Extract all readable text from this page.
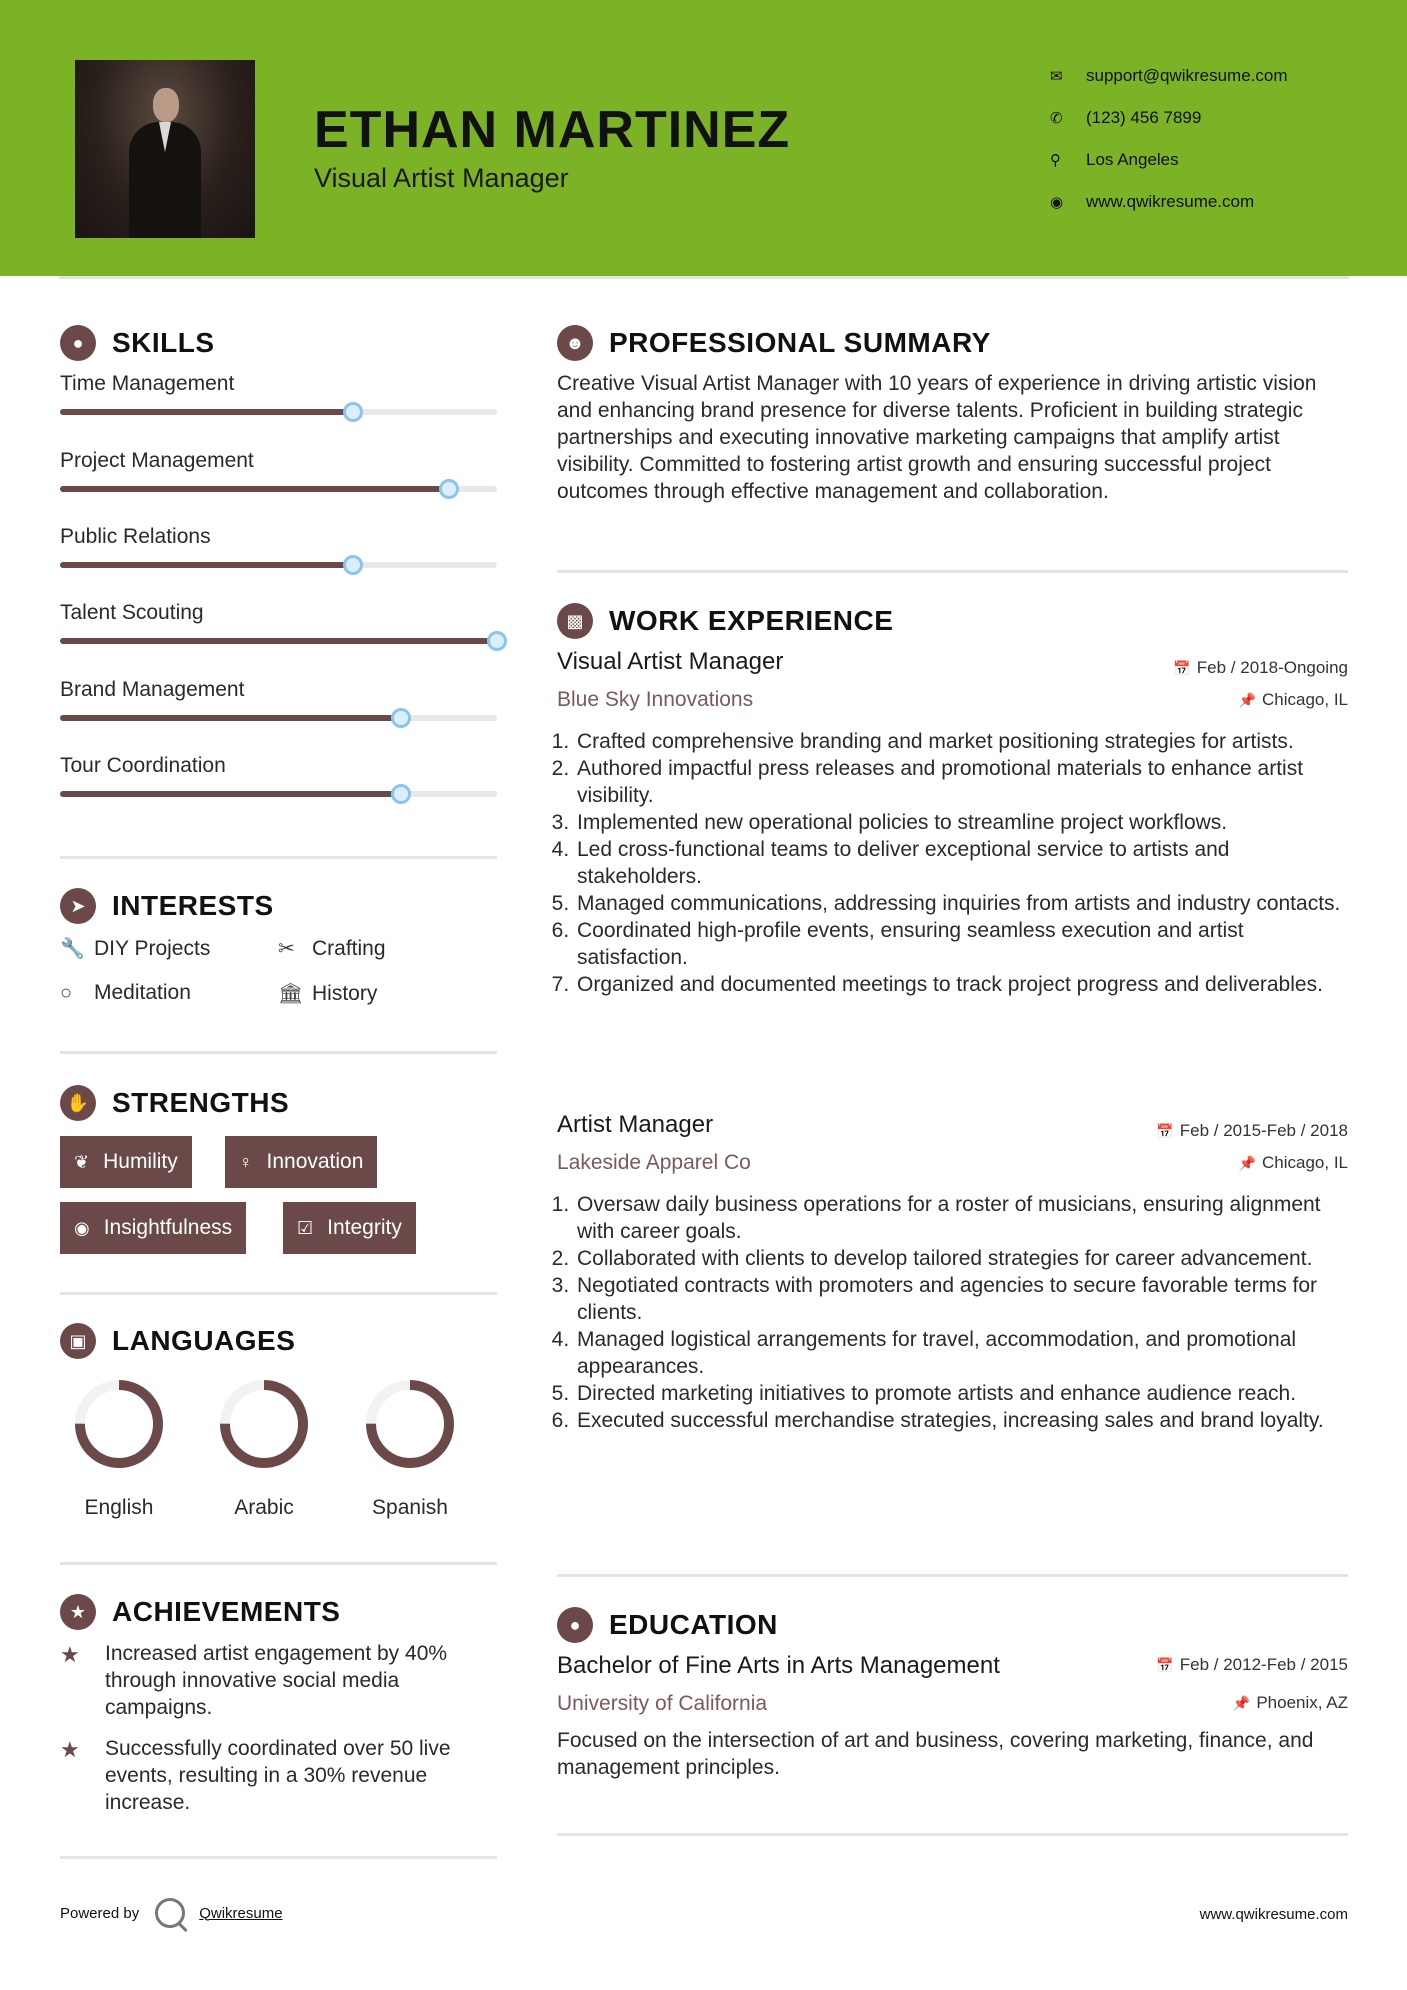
ETHAN MARTINEZ
Visual Artist Manager
✉	support@qwikresume.com
✆	(123) 456 7899
⚲	Los Angeles
◉	www.qwikresume.com
●	SKILLS
Time Management
Project Management
Public Relations
Talent Scouting
Brand Management
Tour Coordination
➤ INTERESTS
🔧 DIY Projects	✂ Crafting
○	Meditation	🏛 History
✋ STRENGTHS
❦ Humility	♀ Innovation
◉ Insightfulness	☑ Integrity
▣ LANGUAGES
English	Arabic	Spanish
★ ACHIEVEMENTS
★	Increased artist engagement by 40% through innovative social media campaigns.
★	Successfully coordinated over 50 live events, resulting in a 30% revenue increase.
☻ PROFESSIONAL SUMMARY
Creative Visual Artist Manager with 10 years of experience in driving artistic vision and enhancing brand presence for diverse talents. Proficient in building strategic partnerships and executing innovative marketing campaigns that amplify artist visibility. Committed to fostering artist growth and ensuring successful project outcomes through effective management and collaboration.
▩ WORK EXPERIENCE
Visual Artist Manager
Blue Sky Innovations
📅 Feb / 2018-Ongoing
📌 Chicago, IL
1. Crafted comprehensive branding and market positioning strategies for artists.
2. Authored impactful press releases and promotional materials to enhance artist visibility.
3. Implemented new operational policies to streamline project workflows.
4. Led cross-functional teams to deliver exceptional service to artists and stakeholders.
5. Managed communications, addressing inquiries from artists and industry contacts.
6. Coordinated high-profile events, ensuring seamless execution and artist satisfaction.
7. Organized and documented meetings to track project progress and deliverables.
Artist Manager
Lakeside Apparel Co
📅 Feb / 2015-Feb / 2018
📌 Chicago, IL
1. Oversaw daily business operations for a roster of musicians, ensuring alignment with career goals.
2. Collaborated with clients to develop tailored strategies for career advancement.
3. Negotiated contracts with promoters and agencies to secure favorable terms for clients.
4. Managed logistical arrangements for travel, accommodation, and promotional appearances.
5. Directed marketing initiatives to promote artists and enhance audience reach.
6. Executed successful merchandise strategies, increasing sales and brand loyalty.
●	EDUCATION
Bachelor of Fine Arts in Arts Management
University of California
📅 Feb / 2012-Feb / 2015
📌 Phoenix, AZ
Focused on the intersection of art and business, covering marketing, finance, and management principles.
Powered by	Qwikresume	www.qwikresume.com
